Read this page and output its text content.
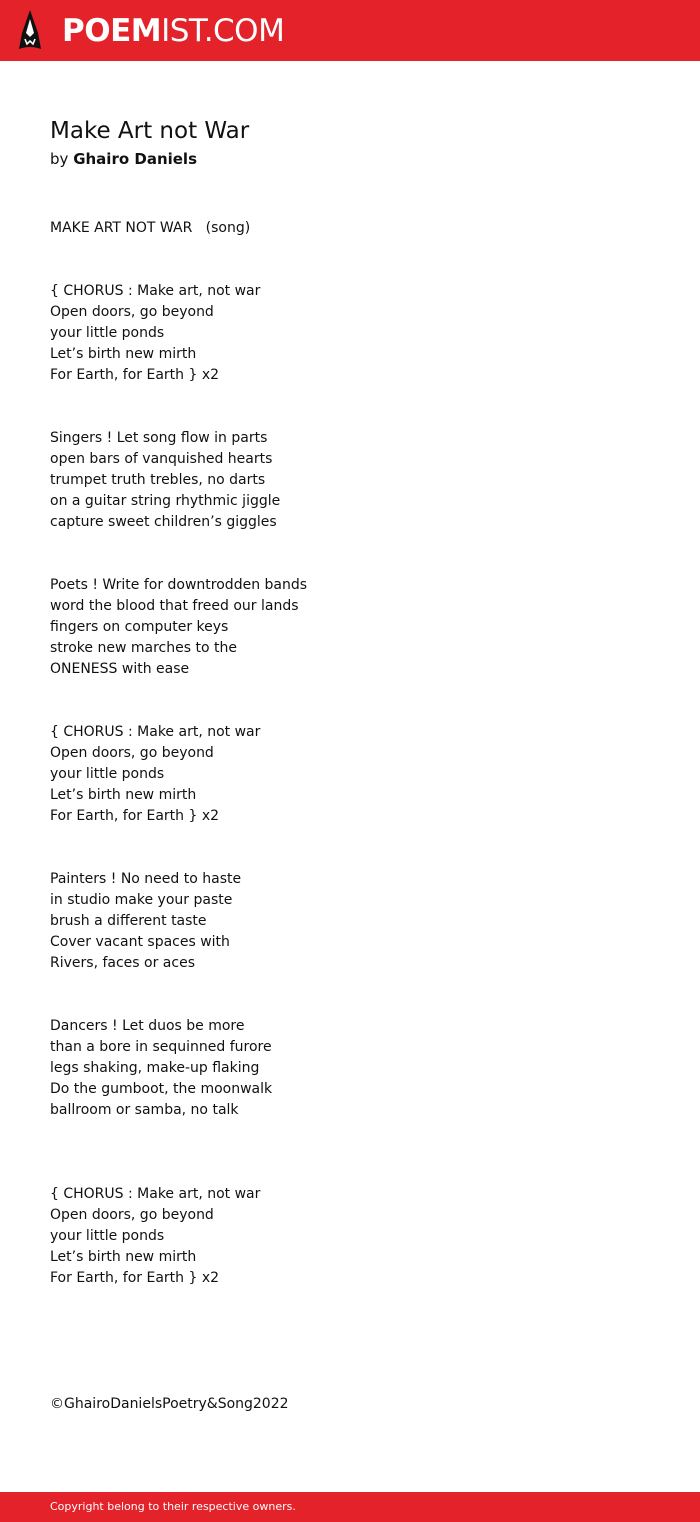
POEMIST.COM
Make Art not War
by Ghairo Daniels
MAKE ART NOT WAR   (song)
{ CHORUS : Make art, not war
Open doors, go beyond
your little ponds
Let’s birth new mirth
For Earth, for Earth } x2
Singers ! Let song flow in parts
open bars of vanquished hearts
trumpet truth trebles, no darts
on a guitar string rhythmic jiggle
capture sweet children’s giggles
Poets ! Write for downtrodden bands
word the blood that freed our lands
fingers on computer keys
stroke new marches to the
ONENESS with ease
{ CHORUS : Make art, not war
Open doors, go beyond
your little ponds
Let’s birth new mirth
For Earth, for Earth } x2
Painters ! No need to haste
in studio make your paste
brush a different taste
Cover vacant spaces with
Rivers, faces or aces
Dancers ! Let duos be more
than a bore in sequinned furore
legs shaking, make-up flaking
Do the gumboot, the moonwalk
ballroom or samba, no talk
{ CHORUS : Make art, not war
Open doors, go beyond
your little ponds
Let’s birth new mirth
For Earth, for Earth } x2
©GhairoDanielsPoetry&Song2022
Copyright belong to their respective owners.
